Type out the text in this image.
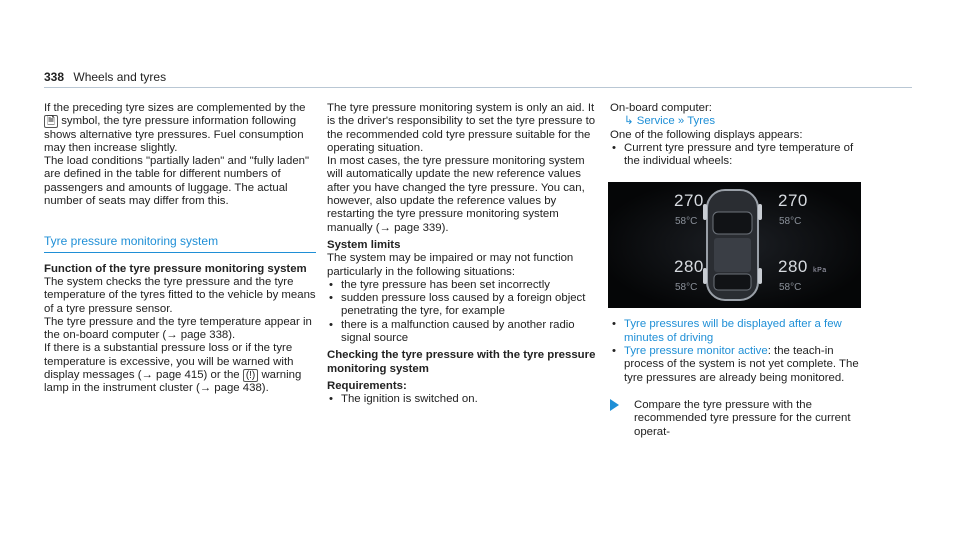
338 Wheels and tyres

If the preceding tyre sizes are complemented by the 🗎 symbol, the tyre pressure information following shows alternative tyre pressures. Fuel consumption may then increase slightly.

The load conditions "partially laden" and "fully laden" are defined in the table for different numbers of passengers and amounts of luggage. The actual number of seats may differ from this.

Tyre pressure monitoring system

Function of the tyre pressure monitoring system

The system checks the tyre pressure and the tyre temperature of the tyres fitted to the vehicle by means of a tyre pressure sensor.

The tyre pressure and the tyre temperature appear in the on-board computer (→ page 338).

If there is a substantial pressure loss or if the tyre temperature is excessive, you will be warned with display messages (→ page 415) or the (!) warning lamp in the instrument cluster (→ page 438).

The tyre pressure monitoring system is only an aid. It is the driver's responsibility to set the tyre pressure to the recommended cold tyre pressure suitable for the operating situation.

In most cases, the tyre pressure monitoring system will automatically update the new reference values after you have changed the tyre pressure. You can, however, also update the reference values by restarting the tyre pressure monitoring system manually (→ page 339).

System limits

The system may be impaired or may not function particularly in the following situations:

• the tyre pressure has been set incorrectly
• sudden pressure loss caused by a foreign object penetrating the tyre, for example
• there is a malfunction caused by another radio signal source

Checking the tyre pressure with the tyre pressure monitoring system

Requirements:

• The ignition is switched on.

On-board computer:

↳ Service » Tyres

One of the following displays appears:

• Current tyre pressure and tyre temperature of the individual wheels:
270
58°C
270
58°C
280
58°C
280 kPa
58°C
• Tyre pressures will be displayed after a few minutes of driving
• Tyre pressure monitor active: the teach-in process of the system is not yet complete. The tyre pressures are already being monitored.
Compare the tyre pressure with the recommended tyre pressure for the current operat-
